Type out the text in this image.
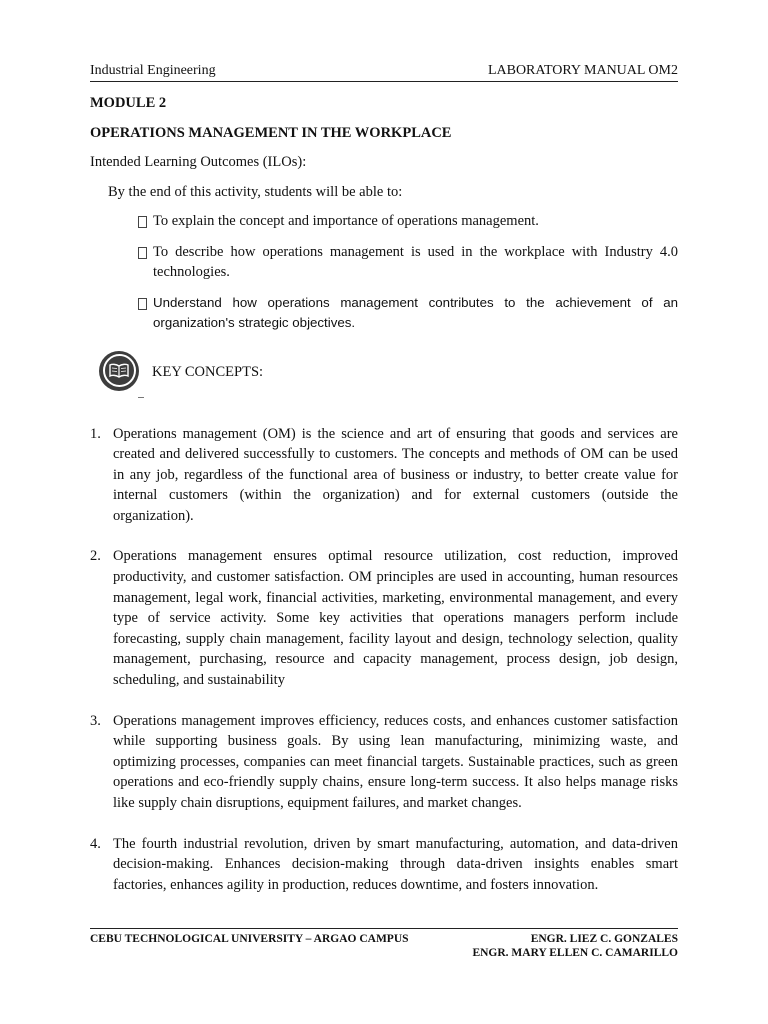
Industrial Engineering	LABORATORY MANUAL OM2
MODULE 2
OPERATIONS MANAGEMENT IN THE WORKPLACE
Intended Learning Outcomes (ILOs):
By the end of this activity, students will be able to:
To explain the concept and importance of operations management.
To describe how operations management is used in the workplace with Industry 4.0 technologies.
Understand how operations management contributes to the achievement of an organization's strategic objectives.
KEY CONCEPTS:
1. Operations management (OM) is the science and art of ensuring that goods and services are created and delivered successfully to customers. The concepts and methods of OM can be used in any job, regardless of the functional area of business or industry, to better create value for internal customers (within the organization) and for external customers (outside the organization).
2. Operations management ensures optimal resource utilization, cost reduction, improved productivity, and customer satisfaction. OM principles are used in accounting, human resources management, legal work, financial activities, marketing, environmental management, and every type of service activity. Some key activities that operations managers perform include forecasting, supply chain management, facility layout and design, technology selection, quality management, purchasing, resource and capacity management, process design, job design, scheduling, and sustainability
3. Operations management improves efficiency, reduces costs, and enhances customer satisfaction while supporting business goals. By using lean manufacturing, minimizing waste, and optimizing processes, companies can meet financial targets. Sustainable practices, such as green operations and eco-friendly supply chains, ensure long-term success. It also helps manage risks like supply chain disruptions, equipment failures, and market changes.
4. The fourth industrial revolution, driven by smart manufacturing, automation, and data-driven decision-making. Enhances decision-making through data-driven insights enables smart factories, enhances agility in production, reduces downtime, and fosters innovation.
CEBU TECHNOLOGICAL UNIVERSITY – ARGAO CAMPUS	ENGR. LIEZ C. GONZALES
ENGR. MARY ELLEN C. CAMARILLO
